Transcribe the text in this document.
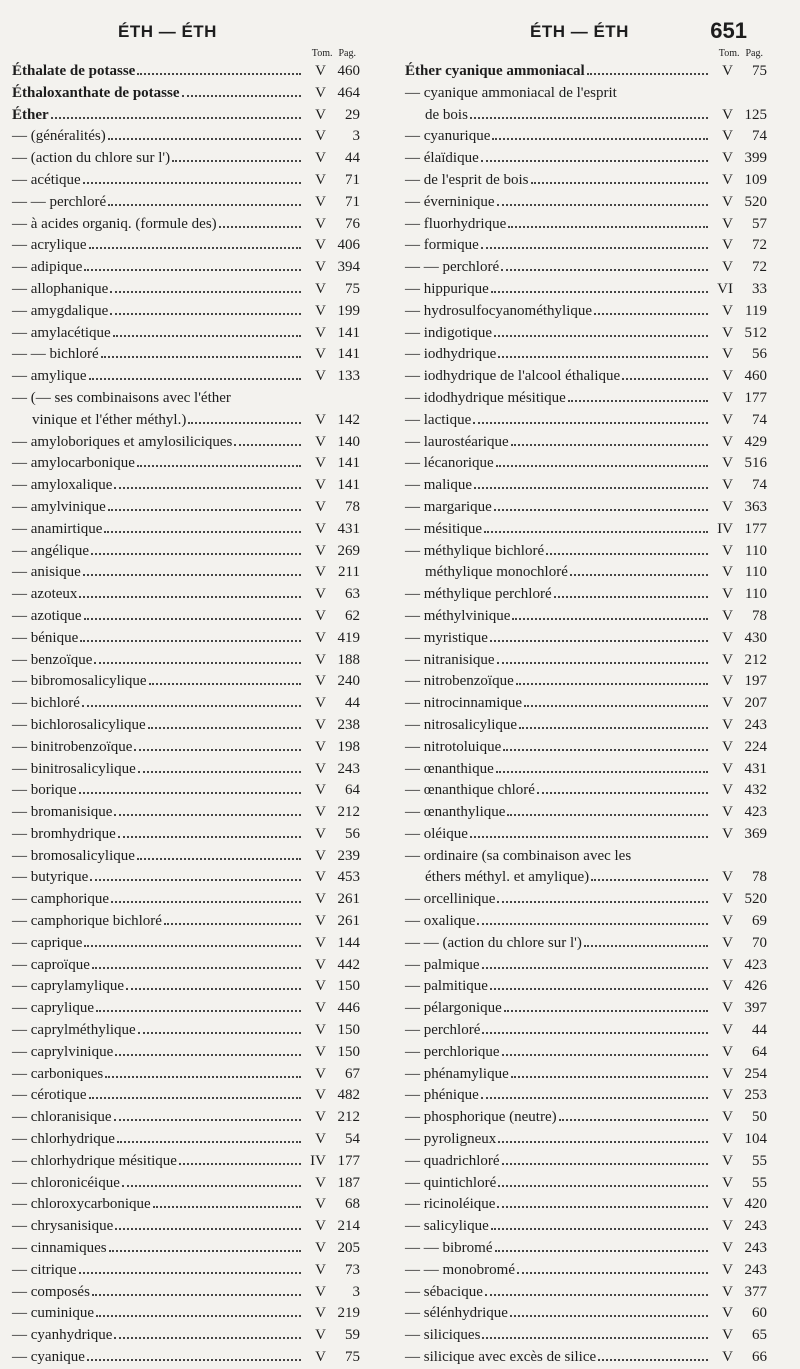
ÉTH — ÉTH	ÉTH — ÉTH	651
Tom. Pag.
Éthalate de potasse	V 460
Éthaloxanthate de potasse	V 464
Éther	V	29
— (généralités)	V	3
— (action du chlore sur l')	V	44
— acétique	V	71
— — perchloré	V	71
— à acides organiq. (formule des)	V	76
— acrylique	V 406
— adipique	V 394
— allophanique	V	75
— amygdalique	V 199
— amylacétique	V 141
— — bichloré	V 141
— amylique	V 133
— (— ses combinaisons avec l'éther
vinique et l'éther méthyl.)	V 142
— amyloboriques et amylosiliciques	V 140
— amylocarbonique	V 141
— amyloxalique	V 141
— amylvinique	V	78
— anamirtique	V 431
— angélique	V 269
— anisique	V 211
— azoteux	V	63
— azotique	V	62
— bénique	V 419
— benzoïque	V 188
— bibromosalicylique	V 240
— bichloré	V	44
— bichlorosalicylique	V 238
— binitrobenzoïque	V 198
— binitrosalicylique	V 243
— borique	V	64
— bromanisique	V 212
— bromhydrique	V	56
— bromosalicylique	V 239
— butyrique	V 453
— camphorique	V 261
— camphorique bichloré	V 261
— caprique	V 144
— caproïque	V 442
— caprylamylique	V 150
— caprylique	V 446
— caprylméthylique	V 150
— caprylvinique	V 150
— carboniques	V	67
— cérotique	V 482
— chloranisique	V 212
— chlorhydrique	V	54
— chlorhydrique mésitique	IV 177
— chloronicéique	V 187
— chloroxycarbonique	V	68
— chrysanisique	V 214
— cinnamiques	V 205
— citrique	V	73
— composés	V	3
— cuminique	V 219
— cyanhydrique	V	59
— cyanique	V	75
Tom. Pag.
Éther cyanique ammoniacal	V	75
— cyanique ammoniacal de l'esprit
de bois	V 125
— cyanurique	V	74
— élaïdique	V 399
— de l'esprit de bois	V 109
— éverninique	V 520
— fluorhydrique	V	57
— formique	V	72
— — perchloré	V	72
— hippurique	VI	33
— hydrosulfocyanométhylique	V 119
— indigotique	V 512
— iodhydrique	V	56
— iodhydrique de l'alcool éthalique	V 460
— idodhydrique mésitique	V 177
— lactique	V	74
— laurostéarique	V 429
— lécanorique	V 516
— malique	V	74
— margarique	V 363
— mésitique	IV 177
— méthylique bichloré	V 110
méthylique monochloré	V 110
— méthylique perchloré	V 110
— méthylvinique	V	78
— myristique	V 430
— nitranisique	V 212
— nitrobenzoïque	V 197
— nitrocinnamique	V 207
— nitrosalicylique	V 243
— nitrotoluique	V 224
— œnanthique	V 431
— œnanthique chloré	V 432
— œnanthylique	V 423
— oléique	V 369
— ordinaire (sa combinaison avec les
éthers méthyl. et amylique)	V	78
— orcellinique	V 520
— oxalique	V	69
— — (action du chlore sur l')	V	70
— palmique	V 423
— palmitique	V 426
— pélargonique	V 397
— perchloré	V	44
— perchlorique	V	64
— phénamylique	V 254
— phénique	V 253
— phosphorique (neutre)	V	50
— pyroligneux	V 104
— quadrichloré	V	55
— quintichloré	V	55
— ricinoléique	V 420
— salicylique	V 243
— — bibromé	V 243
— — monobromé	V 243
— sébacique	V 377
— sélénhydrique	V	60
— siliciques	V	65
— silicique avec excès de silice	V	66
